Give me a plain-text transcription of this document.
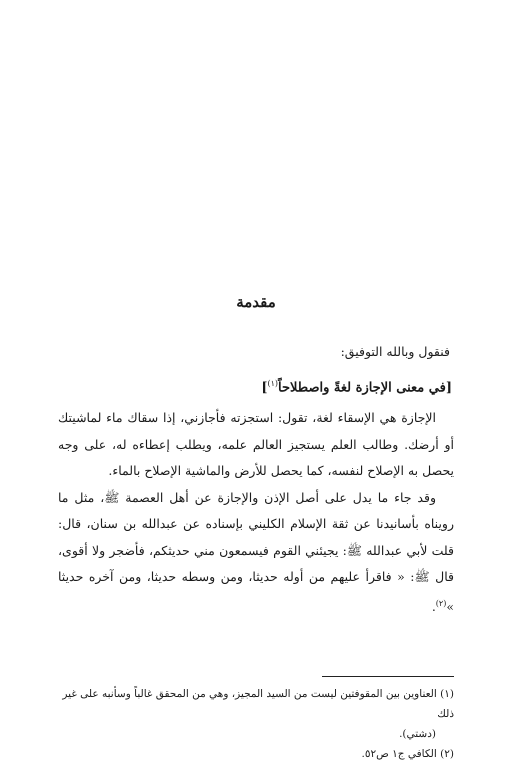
مقدمة
فنقول وبالله التوفيق:
[في معنى الإجازة لغةً واصطلاحاً$^{(١)}$]

الإجازة هي الإسقاء لغة، تقول: استجزته فأجازني، إذا سقاك ماء لماشيتك أو أرضك. وطالب العلم يستجيز العالم علمه، ويطلب إعطاءه له، على وجه يحصل به الإصلاح لنفسه، كما يحصل للأرض والماشية الإصلاح بالماء.

وقد جاء ما يدل على أصل الإذن والإجازة عن أهل العصمة ﷺ، مثل ما رويناه بأسانيدنا عن ثقة الإسلام الكليني بإسناده عن عبدالله بن سنان، قال: قلت لأبي عبدالله ﷺ: يجيئني القوم فيسمعون مني حديثكم، فأضجر ولا أقوى، قال ﷺ: « فاقرأ عليهم من أوله حديثا، ومن وسطه حديثا، ومن آخره حديثا »$^{(٢)}$.

(١) العناوين بين المقوفتين ليست من السيد المجيز، وهي من المحقق غالباً وسأنبه على غير ذلك

(دشتي).

(٢) الكافي ج١ ص٥٢.
